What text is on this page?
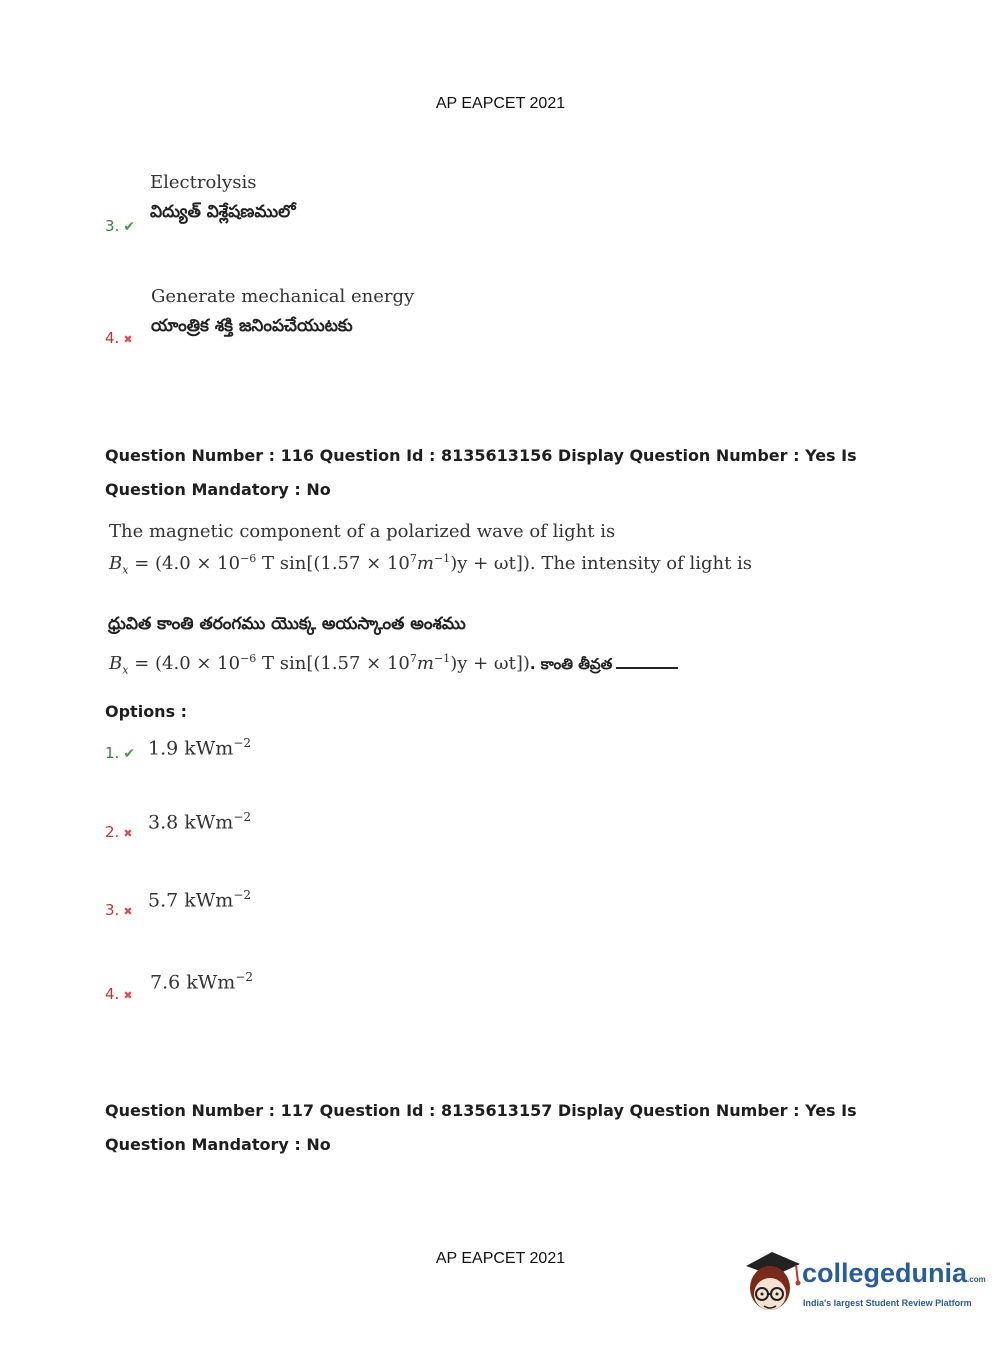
AP EAPCET 2021
Electrolysis
విద్యుత్ విశ్లేషణములో
3. ✔
Generate mechanical energy
యాంత్రిక శక్తి జనింపచేయుటకు
4. ✖
Question Number : 116 Question Id : 8135613156 Display Question Number : Yes Is Question Mandatory : No
The magnetic component of a polarized wave of light is
$B_x = (4.0 \times 10^{-6}$ T $\sin[(1.57 \times 10^7m^{-1})y + \omega t]$). The intensity of light is
ధ్రువిత కాంతి తరంగము యొక్క అయస్కాంత అంశము
$B_x = (4.0 \times 10^{-6}$ T $\sin[(1.57 \times 10^7m^{-1})y + \omega t]$). కాంతి తీవ్రత
Options :
1. ✔ 1.9 kWm$^{-2}$
2. ✖
3.8 kWm$^{-2}$
3. ✖
5.7 kWm$^{-2}$
4. ✖
7.6 kWm$^{-2}$
Question Number : 117 Question Id : 8135613157 Display Question Number : Yes Is Question Mandatory : No
AP EAPCET 2021	collegedunia.com
India's largest Student Review Platform
